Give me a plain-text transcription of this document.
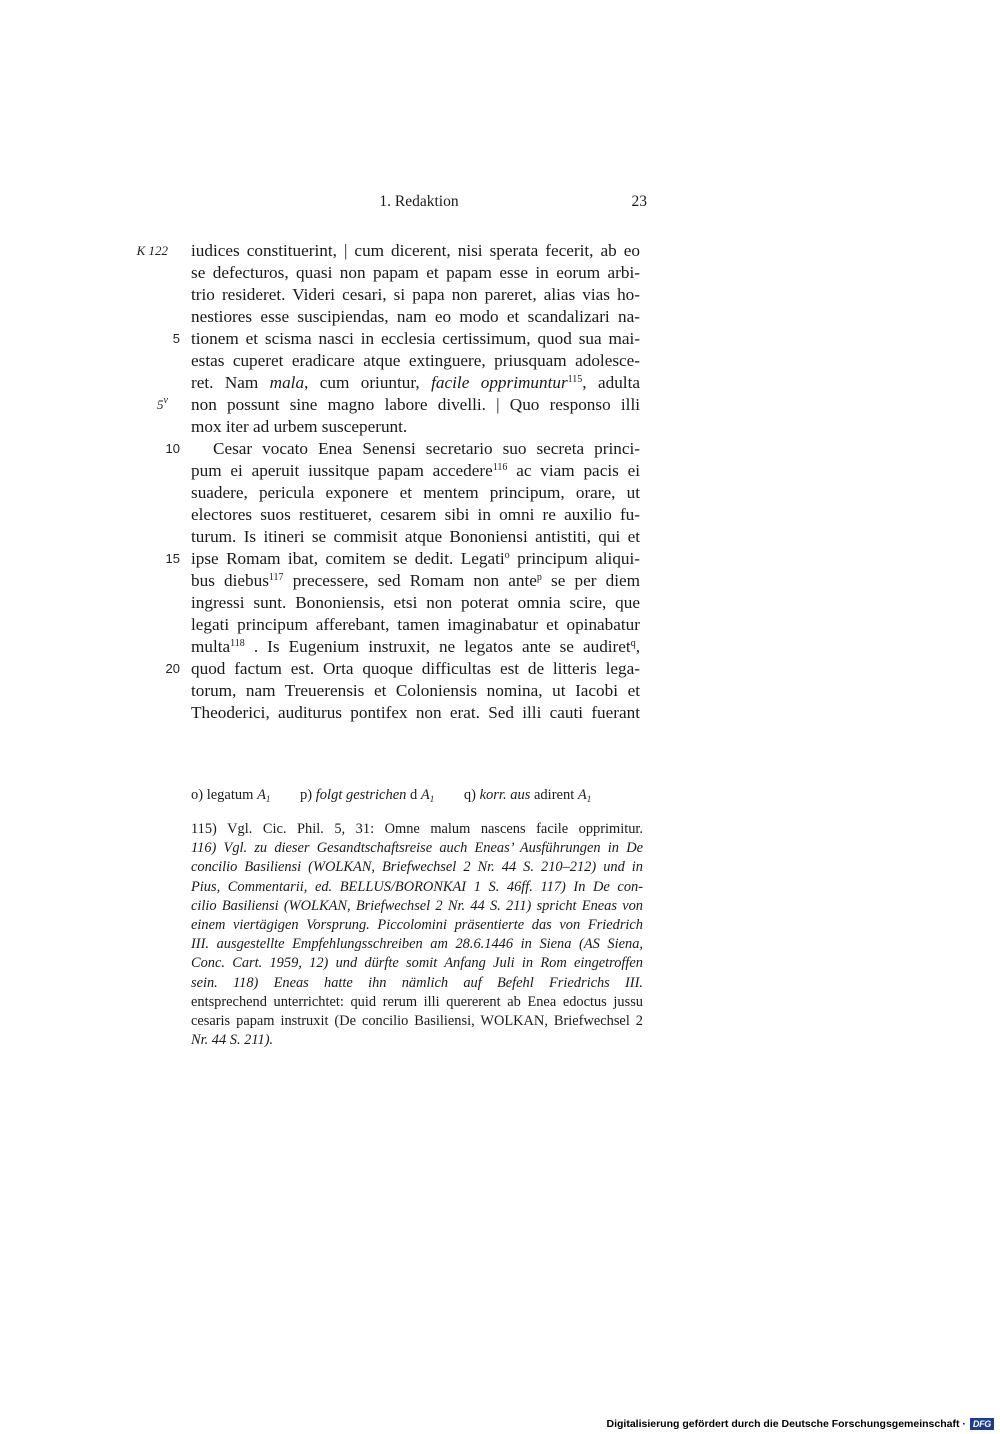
1. Redaktion	23
K 122
5
5$^v$
10
15
20
iudices constituerint, | cum dicerent, nisi sperata fecerit, ab eo
se defecturos, quasi non papam et papam esse in eorum arbi-
trio resideret. Videri cesari, si papa non pareret, alias vias ho-
nestiores esse suscipiendas, nam eo modo et scandalizari na-
tionem et scisma nasci in ecclesia certissimum, quod sua mai-
estas cuperet eradicare atque extinguere, priusquam adolesce-
ret. Nam mala, cum oriuntur, facile opprimuntur$^{115}$, adulta
non possunt sine magno labore divelli. | Quo responso illi
mox iter ad urbem susceperunt.
Cesar vocato Enea Senensi secretario suo secreta princi-
pum ei aperuit iussitque papam accedere$^{116}$ ac viam pacis ei
suadere, pericula exponere et mentem principum, orare, ut
electores suos restitueret, cesarem sibi in omni re auxilio fu-
turum. Is itineri se commisit atque Bononiensi antistiti, qui et
ipse Romam ibat, comitem se dedit. Legati$^o$ principum aliqui-
bus diebus$^{117}$ precessere, sed Romam non ante$^p$ se per diem
ingressi sunt. Bononiensis, etsi non poterat omnia scire, que
legati principum afferebant, tamen imaginabatur et opinabatur
multa$^{118}$ . Is Eugenium instruxit, ne legatos ante se audiret$^q$,
quod factum est. Orta quoque difficultas est de litteris lega-
torum, nam Treuerensis et Coloniensis nomina, ut Iacobi et
Theoderici, auditurus pontifex non erat. Sed illi cauti fuerant
o) legatum $A_1$ p) folgt gestrichen d $A_1$ q) korr. aus adirent $A_1$
115) Vgl. Cic. Phil. 5, 31: Omne malum nascens facile opprimitur.
116) Vgl. zu dieser Gesandtschaftsreise auch Eneas’ Ausführungen in De
concilio Basiliensi (WOLKAN, Briefwechsel 2 Nr. 44 S. 210–212) und in
Pius, Commentarii, ed. BELLUS/BORONKAI 1 S. 46ff. 117) In De con-
cilio Basiliensi (WOLKAN, Briefwechsel 2 Nr. 44 S. 211) spricht Eneas von
einem viertägigen Vorsprung. Piccolomini präsentierte das von Friedrich
III. ausgestellte Empfehlungsschreiben am 28.6.1446 in Siena (AS Siena,
Conc. Cart. 1959, 12) und dürfte somit Anfang Juli in Rom eingetroffen
sein. 118) Eneas hatte ihn nämlich auf Befehl Friedrichs III.
entsprechend unterrichtet: quid rerum illi quererent ab Enea edoctus jussu
cesaris papam instruxit (De concilio Basiliensi, WOLKAN, Briefwechsel 2
Nr. 44 S. 211).
Digitalisierung gefördert durch die Deutsche Forschungsgemeinschaft · DFG
